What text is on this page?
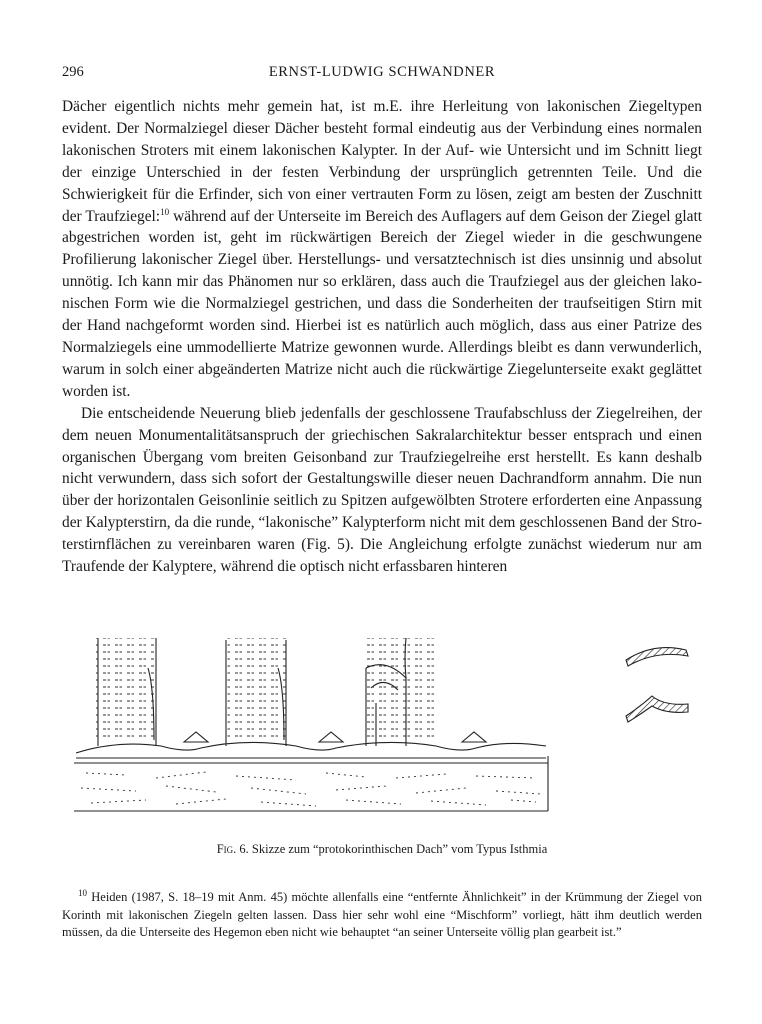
296	ERNST-LUDWIG SCHWANDNER

Dächer eigentlich nichts mehr gemein hat, ist m.E. ihre Herleitung von lakonischen Ziegeltypen evident. Der Normalziegel dieser Dächer besteht formal eindeutig aus der Verbindung eines normalen lakonischen Stroters mit einem lakonischen Kalypter. In der Auf- wie Untersicht und im Schnitt liegt der einzige Unterschied in der festen Verbindung der ursprünglich getrennten Teile. Und die Schwierigkeit für die Erfinder, sich von einer vertrauten Form zu lösen, zeigt am besten der Zuschnitt der Traufziegel:$^{10}$ während auf der Unterseite im Bereich des Auflagers auf dem Geison der Ziegel glatt abgestrichen worden ist, geht im rückwärtigen Bereich der Ziegel wieder in die geschwungene Profilierung lakonischer Ziegel über. Herstellungs- und versatztechnisch ist dies unsinnig und absolut unnötig. Ich kann mir das Phänomen nur so erklären, dass auch die Traufziegel aus der gleichen lakonischen Form wie die Normalziegel gestrichen, und dass die Sonderheiten der traufseitigen Stirn mit der Hand nachgeformt worden sind. Hierbei ist es natürlich auch möglich, dass aus einer Patrize des Normalziegels eine ummodellierte Matrize gewonnen wurde. Allerdings bleibt es dann verwunderlich, warum in solch einer abgeänderten Matrize nicht auch die rückwärtige Ziegelunterseite exakt geglättet worden ist.

Die entscheidende Neuerung blieb jedenfalls der geschlossene Traufabschluss der Ziegelreihen, der dem neuen Monumentalitätsanspruch der griechischen Sakralarchitektur besser entsprach und einen organischen Übergang vom breiten Geisonband zur Traufziegelreihe erst herstellt. Es kann deshalb nicht verwundern, dass sich sofort der Gestaltungswille dieser neuen Dachrandform annahm. Die nun über der horizontalen Geisonlinie seitlich zu Spitzen aufgewölbten Strotere erforderten eine Anpassung der Kalypterstirn, da die runde, “lakonische” Kalypterform nicht mit dem geschlossenen Band der Stroterstirnflächen zu vereinbaren waren (Fig. 5). Die Angleichung erfolgte zunächst wiederum nur am Traufende der Kalyptere, während die optisch nicht erfassbaren hinteren

Fig. 6. Skizze zum “protokorinthischen Dach” vom Typus Isthmia
$^{10}$ Heiden (1987, S. 18–19 mit Anm. 45) möchte allenfalls eine “entfernte Ähnlichkeit” in der Krümmung der Ziegel von Korinth mit lakonischen Ziegeln gelten lassen. Dass hier sehr wohl eine “Mischform” vorliegt, hätt ihm deutlich werden müssen, da die Unterseite des Hegemon eben nicht wie behauptet “an seiner Unterseite völlig plan gearbeit ist.”
